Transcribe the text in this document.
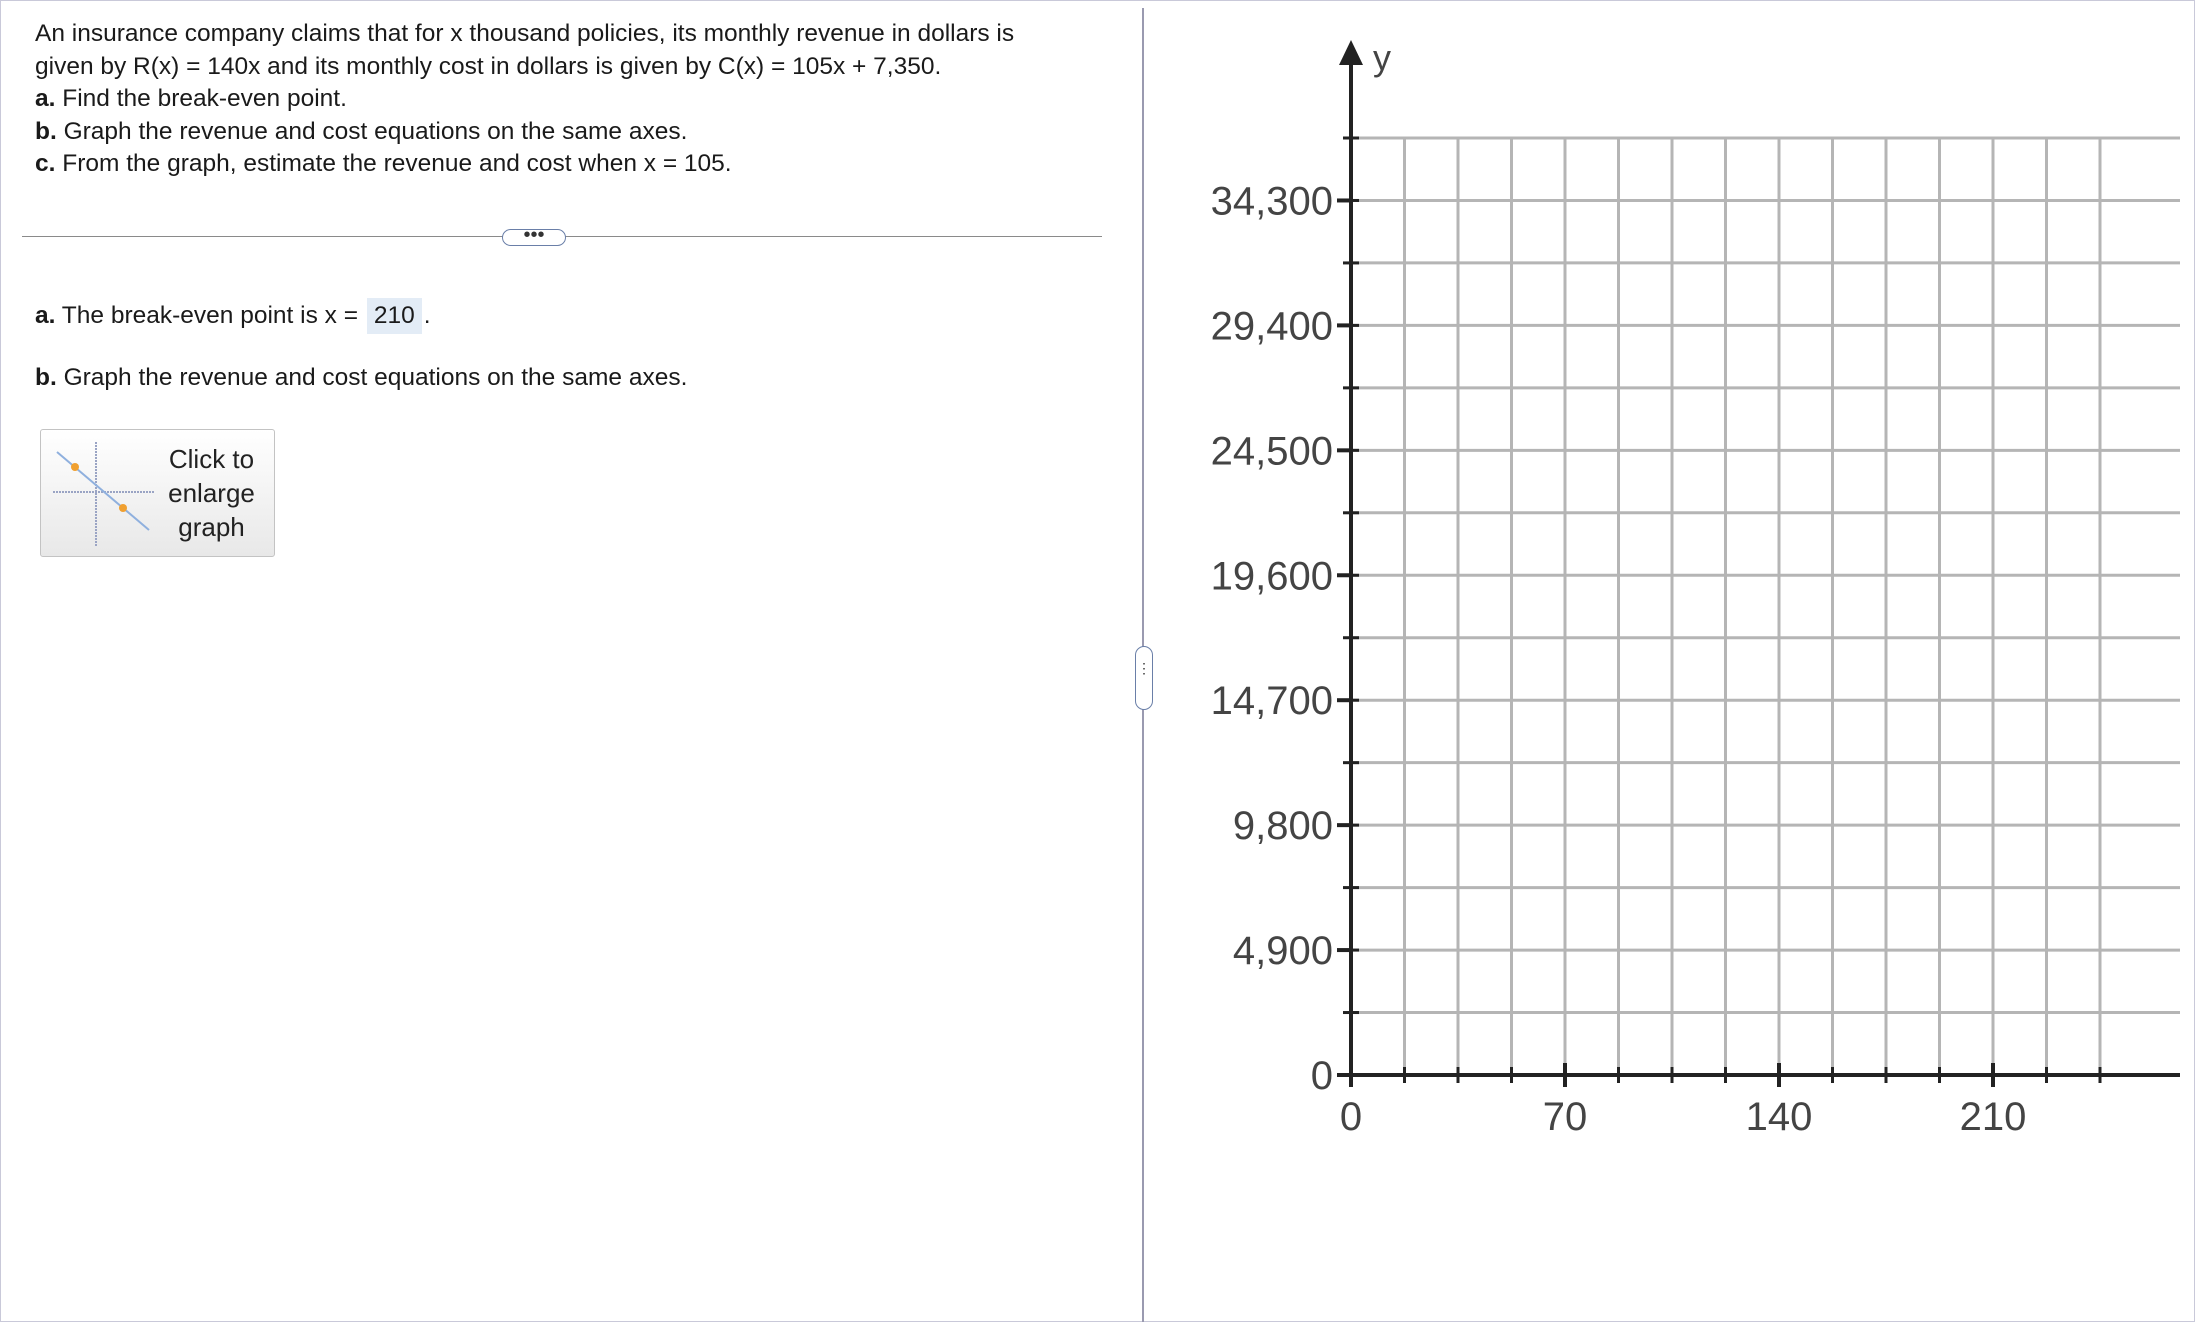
An insurance company claims that for x thousand policies, its monthly revenue in dollars is

given by R(x) = 140x and its monthly cost in dollars is given by C(x) = 105x + 7,350.

a. Find the break-even point.

b. Graph the revenue and cost equations on the same axes.

c. From the graph, estimate the revenue and cost when x = 105.

•••
a. The break-even point is x = 210 .
b. Graph the revenue and cost equations on the same axes.
Click to
enlarge
graph
⋮
y
0	70	140	210
0
4,900
9,800
14,700
19,600
24,500
29,400
34,300
